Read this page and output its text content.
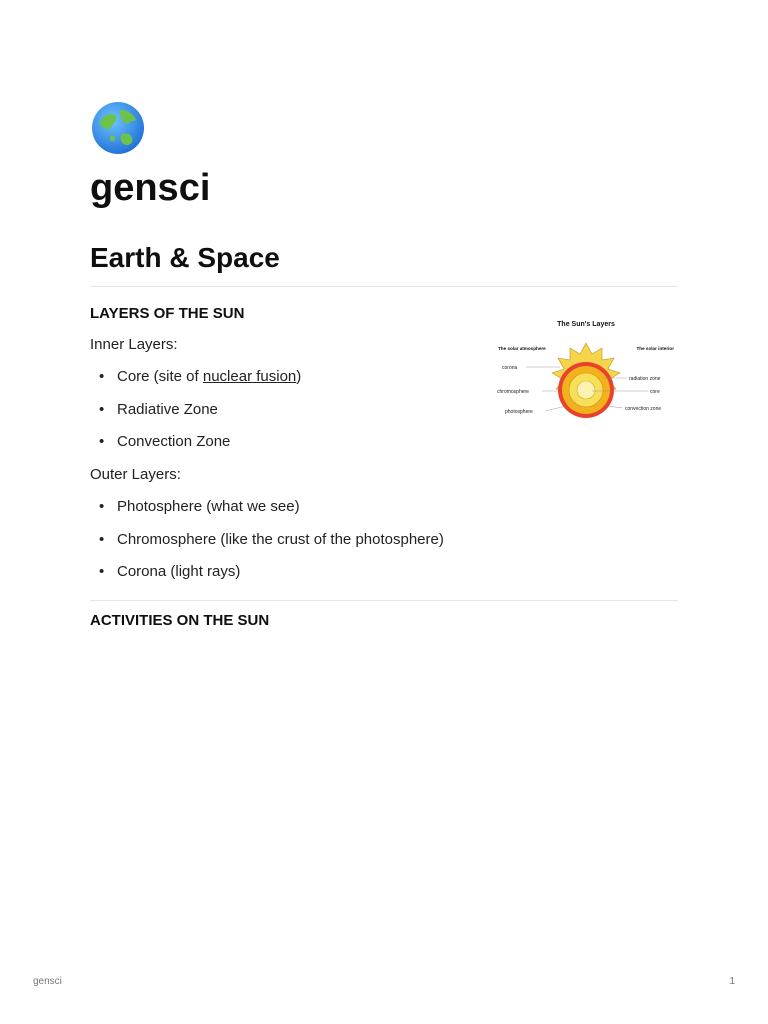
gensci
Earth & Space
LAYERS OF THE SUN

Inner Layers:

• Core (site of nuclear fusion)
• Radiative Zone
• Convection Zone

Outer Layers:

• Photosphere (what we see)
• Chromosphere (like the crust of the photosphere)
• Corona (light rays)
The Sun's Layers
The solar atmosphere	The solar interior
corona
chromosphere
photosphere
radiation zone
core
convection zone
ACTIVITIES ON THE SUN
gensci	1
